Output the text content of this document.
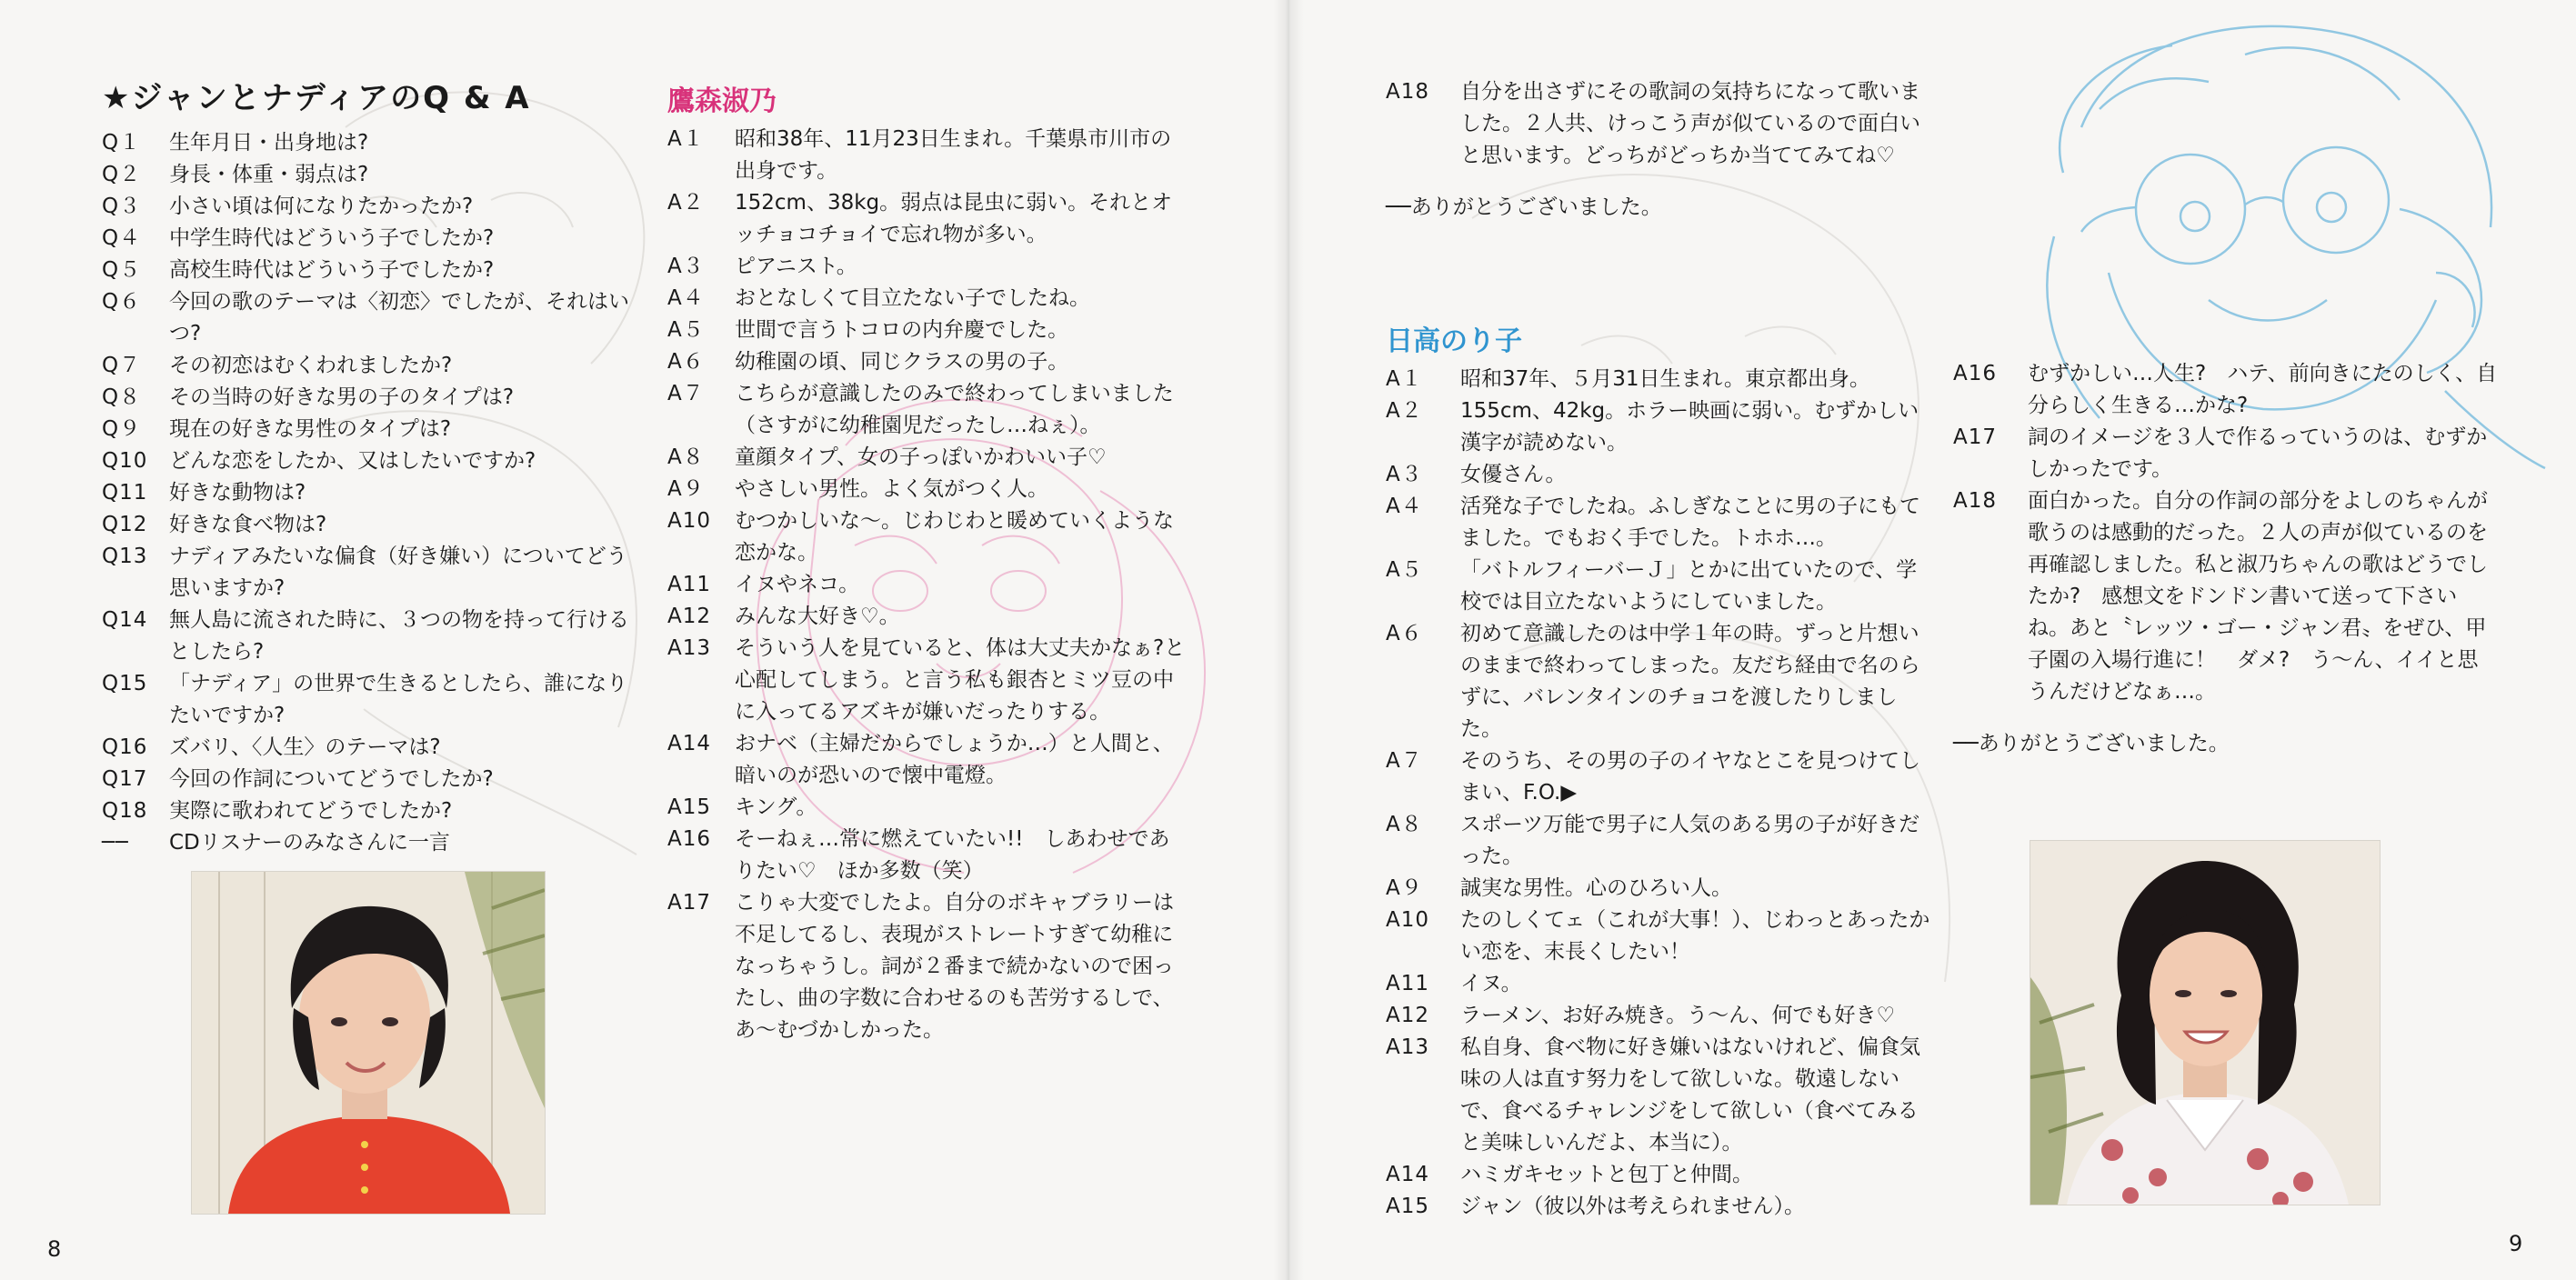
★ジャンとナディアのQ & A
Q１	生年月日・出身地は?
Q２	身長・体重・弱点は?
Q３	小さい頃は何になりたかったか?
Q４	中学生時代はどういう子でしたか?
Q５	高校生時代はどういう子でしたか?
Q６	今回の歌のテーマは〈初恋〉でしたが、それはいつ?
Q７	その初恋はむくわれましたか?
Q８	その当時の好きな男の子のタイプは?
Q９	現在の好きな男性のタイプは?
Q10	どんな恋をしたか、又はしたいですか?
Q11	好きな動物は?
Q12	好きな食べ物は?
Q13	ナディアみたいな偏食（好き嫌い）についてどう思いますか?
Q14	無人島に流された時に、３つの物を持って行けるとしたら?
Q15	「ナディア」の世界で生きるとしたら、誰になりたいですか?
Q16	ズバリ、〈人生〉のテーマは?
Q17	今回の作詞についてどうでしたか?
Q18	実際に歌われてどうでしたか?
──	CDリスナーのみなさんに一言
8
A18	自分を出さずにその歌詞の気持ちになって歌いました。２人共、けっこう声が似ているので面白いと思います。どっちがどっちか当ててみてね♡
──ありがとうございました。
日高のり子
A１	昭和37年、５月31日生まれ。東京都出身。
A２	155cm、42kg。ホラー映画に弱い。むずかしい漢字が読めない。
A３	女優さん。
A４	活発な子でしたね。ふしぎなことに男の子にもてました。でもおく手でした。トホホ…。
A５	「バトルフィーバーＪ」とかに出ていたので、学校では目立たないようにしていました。
A６	初めて意識したのは中学１年の時。ずっと片想いのままで終わってしまった。友だち経由で名のらずに、バレンタインのチョコを渡したりしました。
A７	そのうち、その男の子のイヤなとこを見つけてしまい、F.O.▶
A８	スポーツ万能で男子に人気のある男の子が好きだった。
A９	誠実な男性。心のひろい人。
A10	たのしくてェ（これが大事！）、じわっとあったかい恋を、末長くしたい！
A11	イヌ。
A12	ラーメン、お好み焼き。う～ん、何でも好き♡
A13	私自身、食べ物に好き嫌いはないけれど、偏食気味の人は直す努力をして欲しいな。敬遠しないで、食べるチャレンジをして欲しい（食べてみると美味しいんだよ、本当に）。
A14	ハミガキセットと包丁と仲間。
A15	ジャン（彼以外は考えられません）。
A16	むずかしい…人生?　ハテ、前向きにたのしく、自分らしく生きる…かな?
A17	詞のイメージを３人で作るっていうのは、むずかしかったです。
A18	面白かった。自分の作詞の部分をよしのちゃんが歌うのは感動的だった。２人の声が似ているのを再確認しました。私と淑乃ちゃんの歌はどうでしたか?　感想文をドンドン書いて送って下さいね。あと〝レッツ・ゴー・ジャン君〟をぜひ、甲子園の入場行進に！　ダメ?　う～ん、イイと思うんだけどなぁ…。
──ありがとうございました。
9
鷹森淑乃
A１	昭和38年、11月23日生まれ。千葉県市川市の出身です。
A２	152cm、38kg。弱点は昆虫に弱い。それとオッチョコチョイで忘れ物が多い。
A３	ピアニスト。
A４	おとなしくて目立たない子でしたね。
A５	世間で言うトコロの内弁慶でした。
A６	幼稚園の頃、同じクラスの男の子。
A７	こちらが意識したのみで終わってしまいました（さすがに幼稚園児だったし…ねぇ）。
A８	童顔タイプ、女の子っぽいかわいい子♡
A９	やさしい男性。よく気がつく人。
A10	むつかしいな～。じわじわと暖めていくような恋かな。
A11	イヌやネコ。
A12	みんな大好き♡。
A13	そういう人を見ていると、体は大丈夫かなぁ?と心配してしまう。と言う私も銀杏とミツ豆の中に入ってるアズキが嫌いだったりする。
A14	おナベ（主婦だからでしょうか…）と人間と、暗いのが恐いので懐中電燈。
A15	キング。
A16	そーねぇ…常に燃えていたい!!　しあわせでありたい♡　ほか多数（笑）
A17	こりゃ大変でしたよ。自分のボキャブラリーは不足してるし、表現がストレートすぎて幼稚になっちゃうし。詞が２番まで続かないので困ったし、曲の字数に合わせるのも苦労するしで、あ～むづかしかった。
